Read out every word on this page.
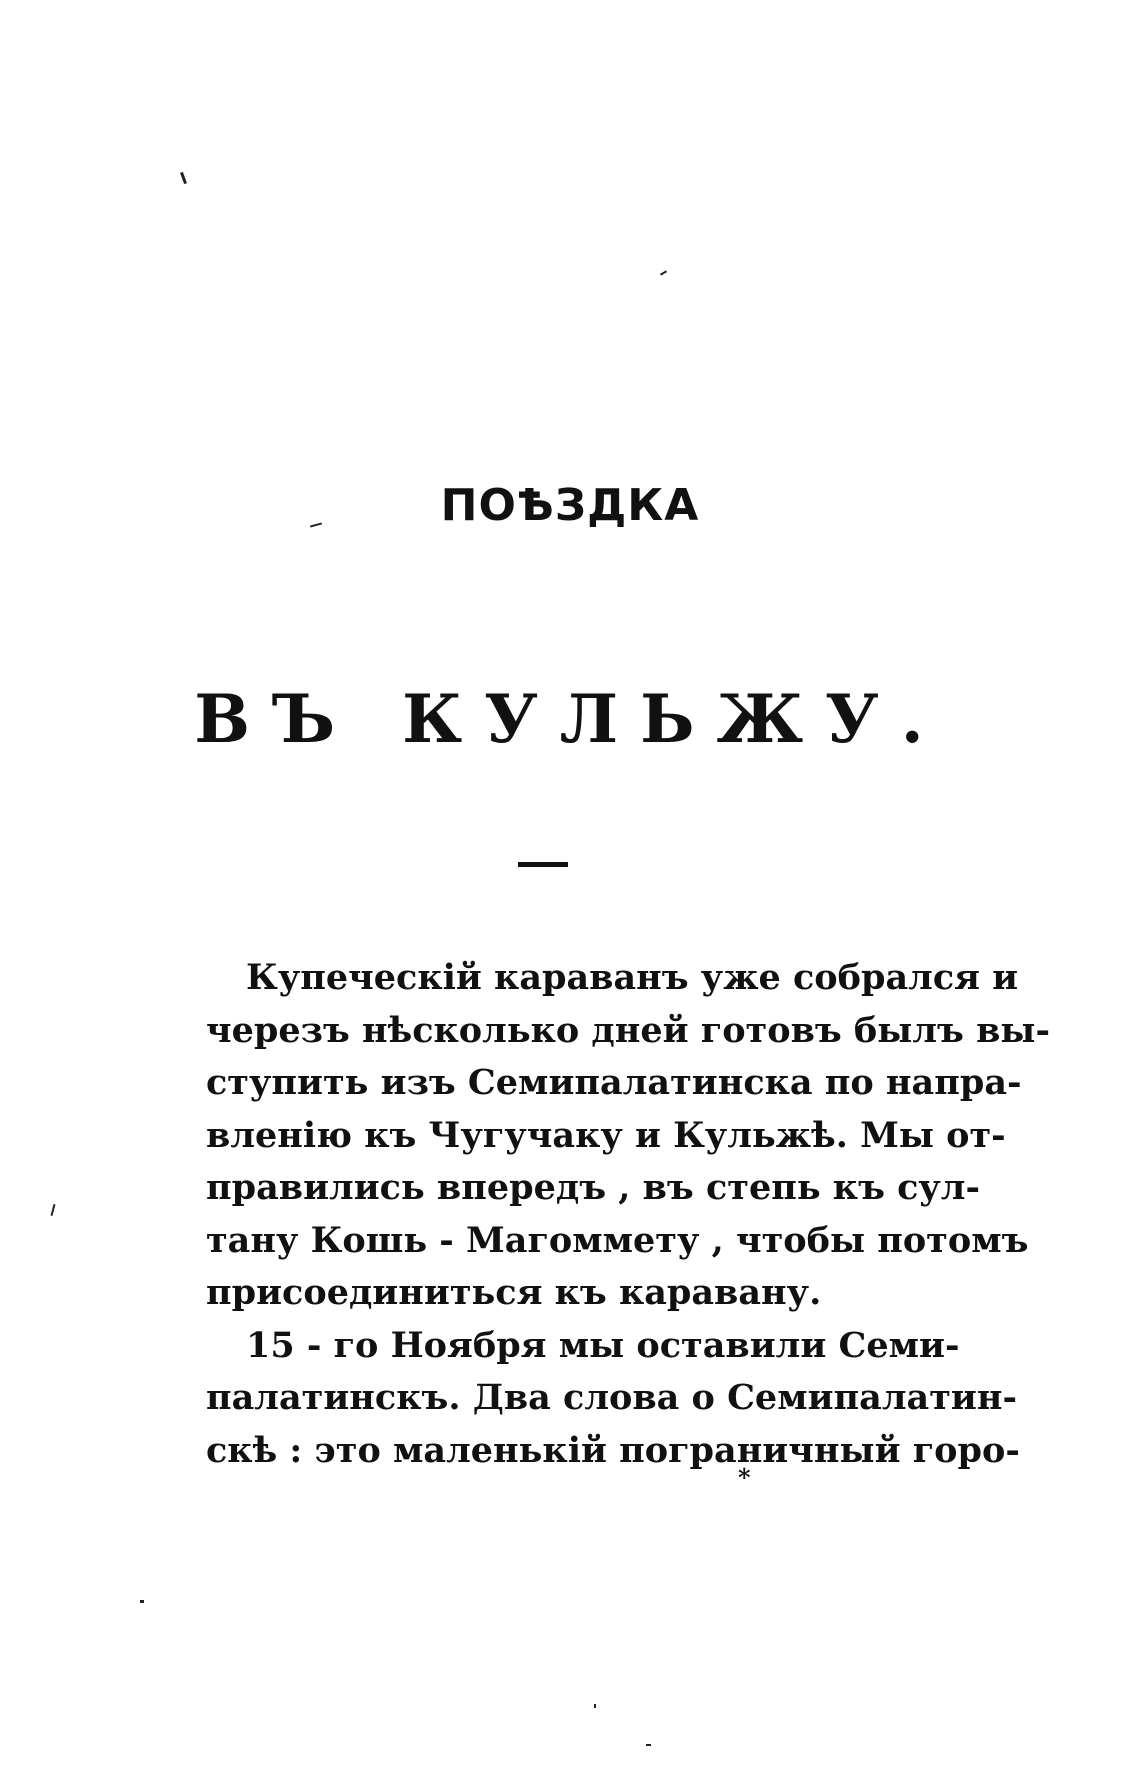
ПОѢЗДКА
ВЪ КУЛЬЖУ.

Купеческій караванъ уже собрался и
черезъ нѣсколько дней готовъ былъ вы-
ступить изъ Семипалатинска по напра-
вленію къ Чугучаку и Кульжѣ. Мы от-
правились впередъ , въ степь къ сул-
тану Кошь - Магоммету , чтобы потомъ
присоединиться къ каравану.

15 - го Ноября мы оставили Семи-
палатинскъ. Два слова о Семипалатин-
скѣ : это маленькій пограничный горо-

*
